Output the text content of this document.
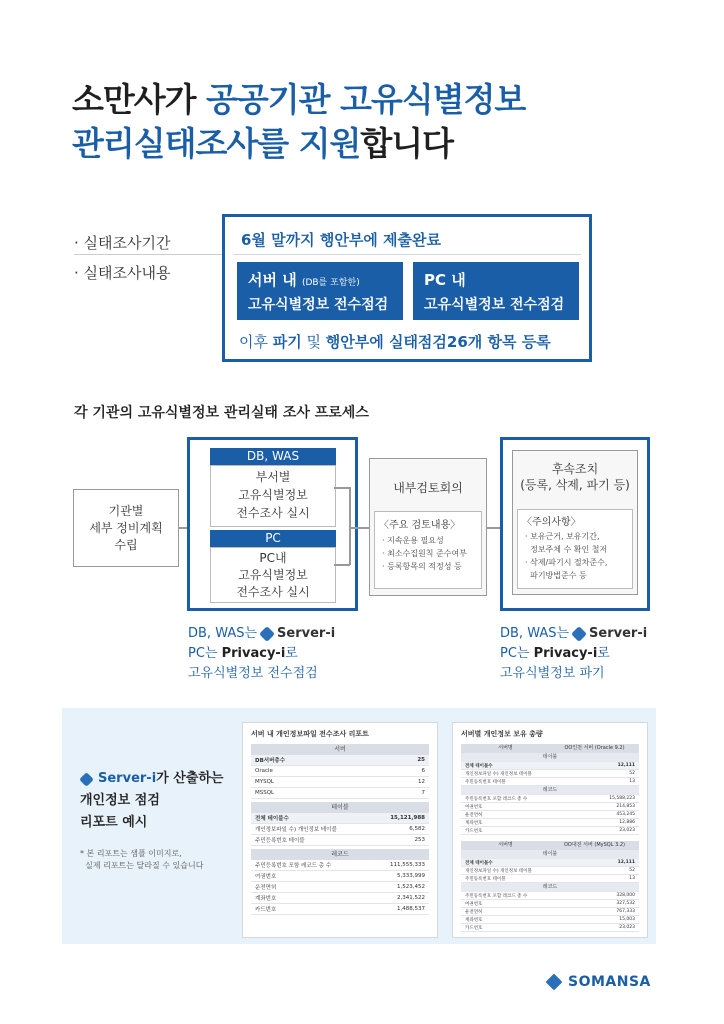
소만사가 공공기관 고유식별정보
관리실태조사를 지원합니다
· 실태조사기간
· 실태조사내용
6월 말까지 행안부에 제출완료
서버 내 (DB를 포함한)
고유식별정보 전수점검
PC 내
고유식별정보 전수점검
이후 파기 및 행안부에 실태점검26개 항목 등록
각 기관의 고유식별정보 관리실태 조사 프로세스
기관별
세부 정비계획
수립
DB, WAS
부서별
고유식별정보
전수조사 실시
PC
PC내
고유식별정보
전수조사 실시
내부검토회의
〈주요 검토내용〉
· 지속운용 필요성
· 최소수집원칙 준수여부
· 등록항목의 적정성 등
후속조치
(등록, 삭제, 파기 등)
〈주의사항〉
· 보유근거, 보유기간,
정보주체 수 확인 철저
· 삭제/파기시 절차준수,
파기방법준수 등
DB, WAS는 Server-i
PC는 Privacy-i로
고유식별정보 전수점검
DB, WAS는 Server-i
PC는 Privacy-i로
고유식별정보 파기
Server-i 가 산출하는
개인정보 점검
리포트 예시
* 본 리포트는 샘플 이미지로,
실제 리포트는 달라질 수 있습니다
서버 내 개인정보파일 전수조사 리포트
서버
DB서버총수	25
Oracle	6
MYSQL	12
MSSQL	7
테이블
전체 테이블수	15,121,988
개인정보파일 수) 개인정보 테이블	6,582
주민등록번호 테이블	253
레코드
주민등록번호 포함 레코드 총 수	111,555,333
여권번호	5,333,999
운전면허	1,523,452
계좌번호	2,341,522
카드번호	1,488,537
서버별 개인정보 보유 총량
서버명	OO인천 서버 (Oracle 9.2)
테이블
전체 테이블수	12,111
개인정보파일 수) 개인정보 테이블	52
주민등록번호 테이블	13
레코드
주민등록번호 포함 레코드 총 수	15,588,223
여권번호	214,853
운전면허	453,245
계좌번호	12,886
카드번호	23,023
서버명	OO대전 서버 (MySQL 3.2)
테이블
전체 테이블수	12,111
개인정보파일 수) 개인정보 테이블	52
주민등록번호 테이블	13
레코드
주민등록번호 포함 레코드 총 수	328,000
여권번호	327,532
운전면허	767,333
계좌번호	15,003
카드번호	23,023
SOMANSA
